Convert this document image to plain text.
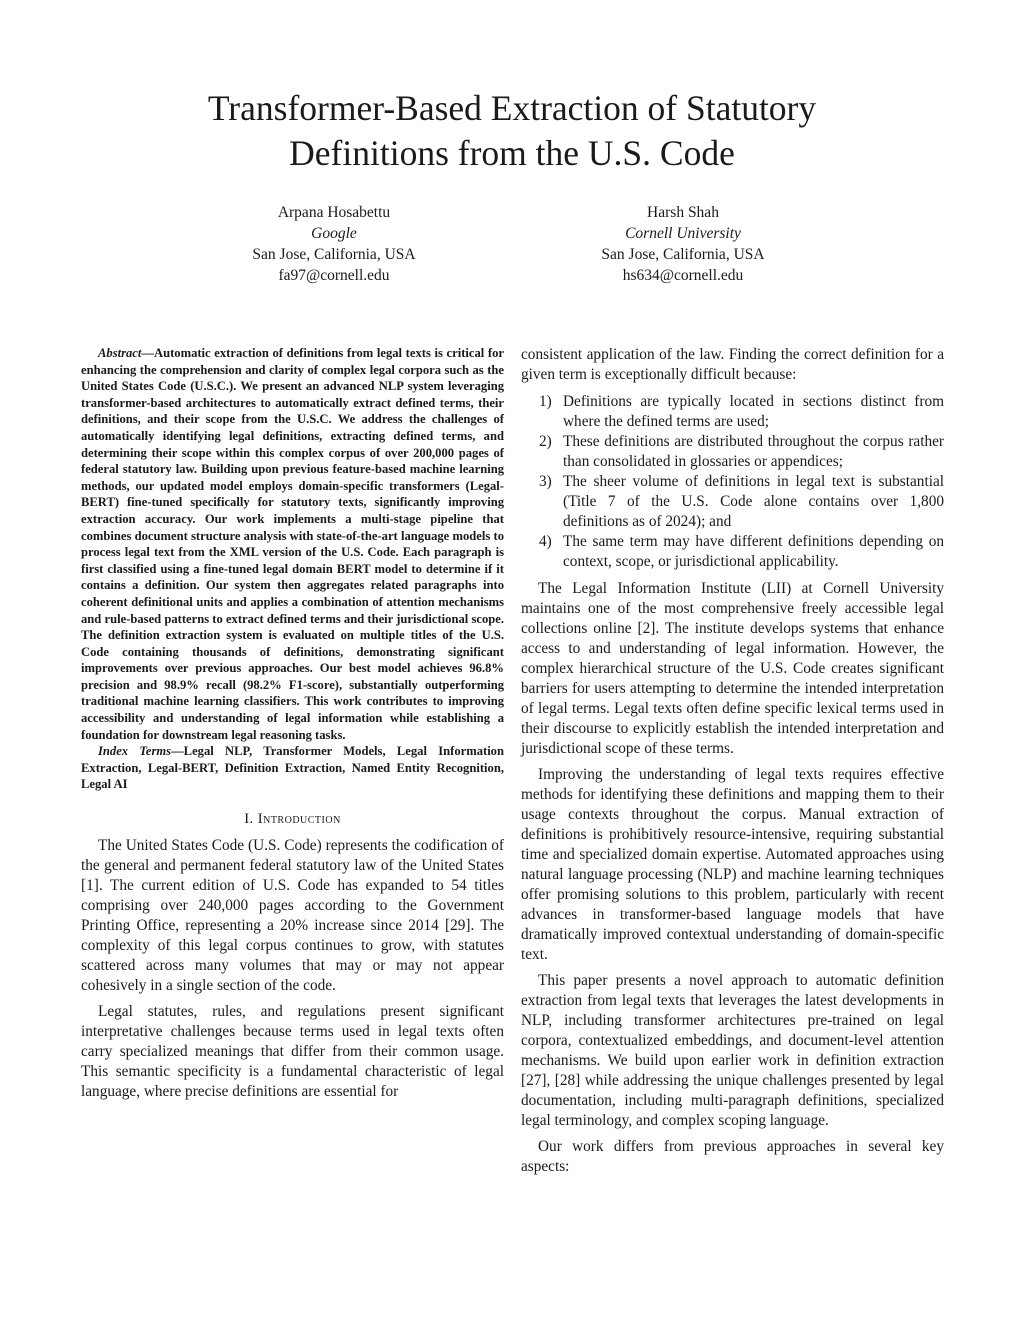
Transformer-Based Extraction of Statutory
Definitions from the U.S. Code
Arpana Hosabettu
Google
San Jose, California, USA
fa97@cornell.edu
Harsh Shah
Cornell University
San Jose, California, USA
hs634@cornell.edu

Abstract—Automatic extraction of definitions from legal texts is critical for enhancing the comprehension and clarity of complex legal corpora such as the United States Code (U.S.C.). We present an advanced NLP system leveraging transformer-based architectures to automatically extract defined terms, their definitions, and their scope from the U.S.C. We address the challenges of automatically identifying legal definitions, extracting defined terms, and determining their scope within this complex corpus of over 200,000 pages of federal statutory law. Building upon previous feature-based machine learning methods, our updated model employs domain-specific transformers (Legal-BERT) fine-tuned specifically for statutory texts, significantly improving extraction accuracy. Our work implements a multi-stage pipeline that combines document structure analysis with state-of-the-art language models to process legal text from the XML version of the U.S. Code. Each paragraph is first classified using a fine-tuned legal domain BERT model to determine if it contains a definition. Our system then aggregates related paragraphs into coherent definitional units and applies a combination of attention mechanisms and rule-based patterns to extract defined terms and their jurisdictional scope. The definition extraction system is evaluated on multiple titles of the U.S. Code containing thousands of definitions, demonstrating significant improvements over previous approaches. Our best model achieves 96.8% precision and 98.9% recall (98.2% F1-score), substantially outperforming traditional machine learning classifiers. This work contributes to improving accessibility and understanding of legal information while establishing a foundation for downstream legal reasoning tasks.

Index Terms—Legal NLP, Transformer Models, Legal Information Extraction, Legal-BERT, Definition Extraction, Named Entity Recognition, Legal AI

I. Introduction

The United States Code (U.S. Code) represents the codification of the general and permanent federal statutory law of the United States [1]. The current edition of U.S. Code has expanded to 54 titles comprising over 240,000 pages according to the Government Printing Office, representing a 20% increase since 2014 [29]. The complexity of this legal corpus continues to grow, with statutes scattered across many volumes that may or may not appear cohesively in a single section of the code.

Legal statutes, rules, and regulations present significant interpretative challenges because terms used in legal texts often carry specialized meanings that differ from their common usage. This semantic specificity is a fundamental characteristic of legal language, where precise definitions are essential for

consistent application of the law. Finding the correct definition for a given term is exceptionally difficult because:

1) Definitions are typically located in sections distinct from where the defined terms are used;
2) These definitions are distributed throughout the corpus rather than consolidated in glossaries or appendices;
3) The sheer volume of definitions in legal text is substantial (Title 7 of the U.S. Code alone contains over 1,800 definitions as of 2024); and
4) The same term may have different definitions depending on context, scope, or jurisdictional applicability.

The Legal Information Institute (LII) at Cornell University maintains one of the most comprehensive freely accessible legal collections online [2]. The institute develops systems that enhance access to and understanding of legal information. However, the complex hierarchical structure of the U.S. Code creates significant barriers for users attempting to determine the intended interpretation of legal terms. Legal texts often define specific lexical terms used in their discourse to explicitly establish the intended interpretation and jurisdictional scope of these terms.

Improving the understanding of legal texts requires effective methods for identifying these definitions and mapping them to their usage contexts throughout the corpus. Manual extraction of definitions is prohibitively resource-intensive, requiring substantial time and specialized domain expertise. Automated approaches using natural language processing (NLP) and machine learning techniques offer promising solutions to this problem, particularly with recent advances in transformer-based language models that have dramatically improved contextual understanding of domain-specific text.

This paper presents a novel approach to automatic definition extraction from legal texts that leverages the latest developments in NLP, including transformer architectures pre-trained on legal corpora, contextualized embeddings, and document-level attention mechanisms. We build upon earlier work in definition extraction [27], [28] while addressing the unique challenges presented by legal documentation, including multi-paragraph definitions, specialized legal terminology, and complex scoping language.

Our work differs from previous approaches in several key aspects:
